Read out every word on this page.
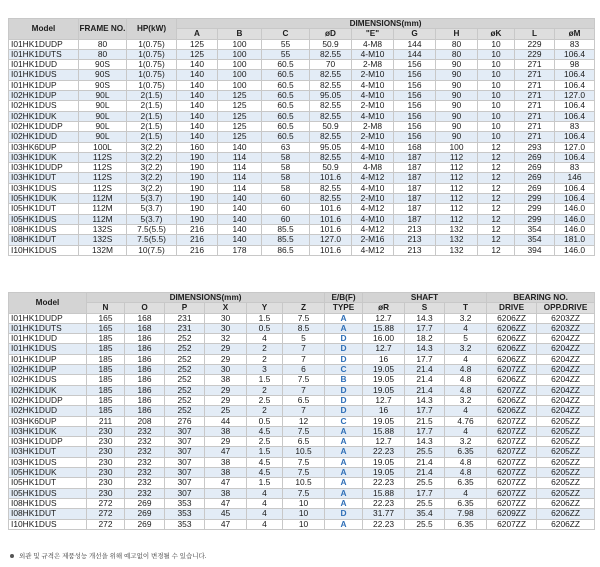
Model	FRAME NO.	HP(kW)	DIMENSIONS(mm)									
			A	B	C	øD	"E"	G	H	øK	L	øM
I01HK1DUDP	80	1(0.75)	125	100	55	50.9	4-M8	144	80	10	229	83
I01HK1DUTS	80	1(0.75)	125	100	55	82.55	4-M10	144	80	10	229	106.4
I01HK1DUD	90S	1(0.75)	140	100	60.5	70	2-M8	156	90	10	271	98
I01HK1DUS	90S	1(0.75)	140	100	60.5	82.55	2-M10	156	90	10	271	106.4
I01HK1DUP	90S	1(0.75)	140	100	60.5	82.55	4-M10	156	90	10	271	106.4
I02HK1DUP	90L	2(1.5)	140	125	60.5	95.05	4-M10	156	90	10	271	127.0
I02HK1DUS	90L	2(1.5)	140	125	60.5	82.55	2-M10	156	90	10	271	106.4
I02HK1DUK	90L	2(1.5)	140	125	60.5	82.55	4-M10	156	90	10	271	106.4
I02HK1DUDP	90L	2(1.5)	140	125	60.5	50.9	2-M8	156	90	10	271	83
I02HK1DUD	90L	2(1.5)	140	125	60.5	82.55	2-M10	156	90	10	271	106.4
I03HK6DUP	100L	3(2.2)	160	140	63	95.05	4-M10	168	100	12	293	127.0
I03HK1DUK	112S	3(2.2)	190	114	58	82.55	4-M10	187	112	12	269	106.4
I03HK1DUDP	112S	3(2.2)	190	114	58	50.9	4-M8	187	112	12	269	83
I03HK1DUT	112S	3(2.2)	190	114	58	101.6	4-M12	187	112	12	269	146
I03HK1DUS	112S	3(2.2)	190	114	58	82.55	4-M10	187	112	12	269	106.4
I05HK1DUK	112M	5(3.7)	190	140	60	82.55	2-M10	187	112	12	299	106.4
I05HK1DUT	112M	5(3.7)	190	140	60	101.6	4-M12	187	112	12	299	146.0
I05HK1DUS	112M	5(3.7)	190	140	60	101.6	4-M10	187	112	12	299	146.0
I08HK1DUS	132S	7.5(5.5)	216	140	85.5	101.6	4-M12	213	132	12	354	146.0
I08HK1DUT	132S	7.5(5.5)	216	140	85.5	127.0	2-M16	213	132	12	354	181.0
I10HK1DUS	132M	10(7.5)	216	178	86.5	101.6	4-M12	213	132	12	394	146.0
Model	DIMENSIONS(mm)						E/B(F)	SHAFT			BEARING NO.	
	N	O	P	X	Y	Z	TYPE	øR	S	T	DRIVE	OPP.DRIVE
I01HK1DUDP	165	168	231	30	1.5	7.5	A	12.7	14.3	3.2	6206ZZ	6203ZZ
I01HK1DUTS	165	168	231	30	0.5	8.5	A	15.88	17.7	4	6206ZZ	6203ZZ
I01HK1DUD	185	186	252	32	4	5	D	16.00	18.2	5	6206ZZ	6204ZZ
I01HK1DUS	185	186	252	29	2	7	D	12.7	14.3	3.2	6206ZZ	6204ZZ
I01HK1DUP	185	186	252	29	2	7	D	16	17.7	4	6206ZZ	6204ZZ
I02HK1DUP	185	186	252	30	3	6	C	19.05	21.4	4.8	6207ZZ	6204ZZ
I02HK1DUS	185	186	252	38	1.5	7.5	B	19.05	21.4	4.8	6206ZZ	6204ZZ
I02HK1DUK	185	186	252	29	2	7	D	19.05	21.4	4.8	6207ZZ	6204ZZ
I02HK1DUDP	185	186	252	29	2.5	6.5	D	12.7	14.3	3.2	6206ZZ	6204ZZ
I02HK1DUD	185	186	252	25	2	7	D	16	17.7	4	6206ZZ	6204ZZ
I03HK6DUP	211	208	276	44	0.5	12	C	19.05	21.5	4.76	6207ZZ	6205ZZ
I03HK1DUK	230	232	307	38	4.5	7.5	A	15.88	17.7	4	6207ZZ	6205ZZ
I03HK1DUDP	230	232	307	29	2.5	6.5	A	12.7	14.3	3.2	6207ZZ	6205ZZ
I03HK1DUT	230	232	307	47	1.5	10.5	A	22.23	25.5	6.35	6207ZZ	6205ZZ
I03HK1DUS	230	232	307	38	4.5	7.5	A	19.05	21.4	4.8	6207ZZ	6205ZZ
I05HK1DUK	230	232	307	38	4.5	7.5	A	19.05	21.4	4.8	6207ZZ	6205ZZ
I05HK1DUT	230	232	307	47	1.5	10.5	A	22.23	25.5	6.35	6207ZZ	6205ZZ
I05HK1DUS	230	232	307	38	4	7.5	A	15.88	17.7	4	6207ZZ	6205ZZ
I08HK1DUS	272	269	353	47	4	10	A	22.23	25.5	6.35	6207ZZ	6206ZZ
I08HK1DUT	272	269	353	45	4	10	D	31.77	35.4	7.98	6209ZZ	6206ZZ
I10HK1DUS	272	269	353	47	4	10	A	22.23	25.5	6.35	6207ZZ	6206ZZ
외관 및 규격은 제품성능 개선을 위해 예고없이 변경될 수 있습니다.
